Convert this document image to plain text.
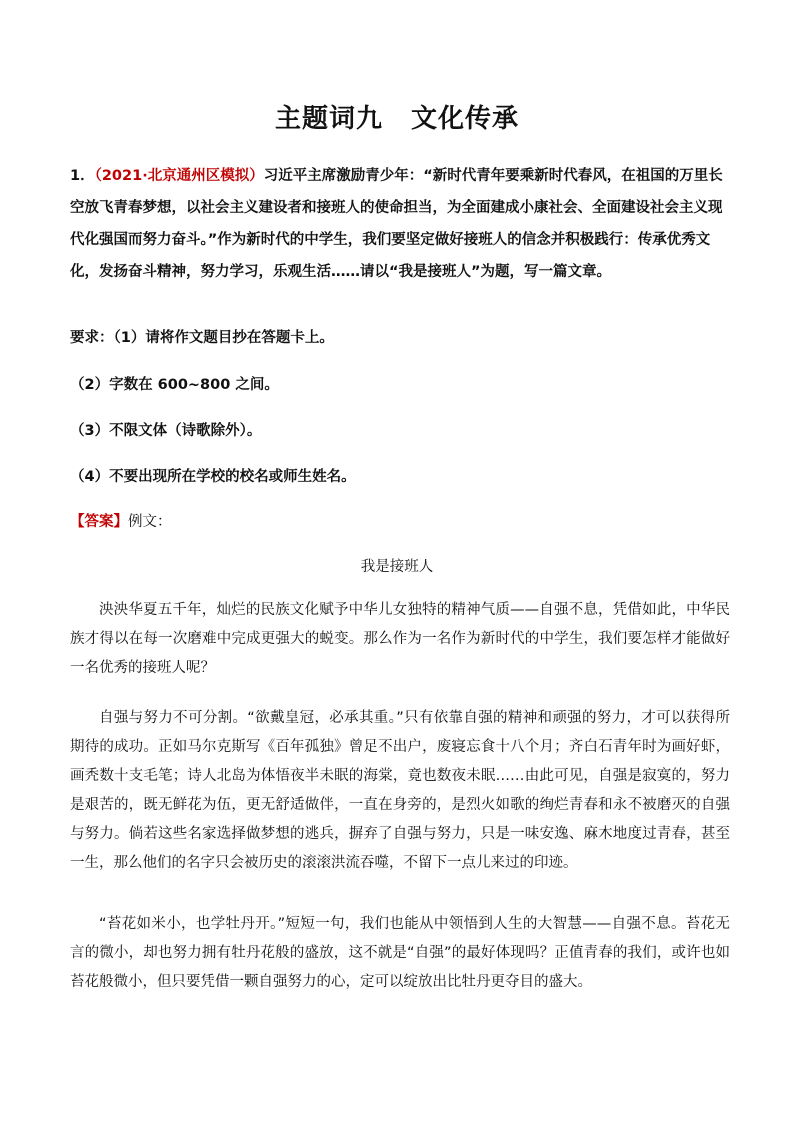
主题词九 文化传承
1．（2021·北京通州区模拟）习近平主席激励青少年：“新时代青年要乘新时代春风，在祖国的万里长空放飞青春梦想，以社会主义建设者和接班人的使命担当，为全面建成小康社会、全面建设社会主义现代化强国而努力奋斗。”作为新时代的中学生，我们要坚定做好接班人的信念并积极践行：传承优秀文化，发扬奋斗精神，努力学习，乐观生活……请以“我是接班人”为题，写一篇文章。
要求：（1）请将作文题目抄在答题卡上。
（2）字数在 600~800 之间。
（3）不限文体（诗歌除外）。
（4）不要出现所在学校的校名或师生姓名。
【答案】例文：
我是接班人

泱泱华夏五千年，灿烂的民族文化赋予中华儿女独特的精神气质——自强不息，凭借如此，中华民族才得以在每一次磨难中完成更强大的蜕变。那么作为一名作为新时代的中学生，我们要怎样才能做好一名优秀的接班人呢？

自强与努力不可分割。“欲戴皇冠，必承其重。”只有依靠自强的精神和顽强的努力，才可以获得所期待的成功。正如马尔克斯写《百年孤独》曾足不出户，废寝忘食十八个月；齐白石青年时为画好虾，画秃数十支毛笔；诗人北岛为体悟夜半未眠的海棠，竟也数夜未眠……由此可见，自强是寂寞的，努力是艰苦的，既无鲜花为伍，更无舒适做伴，一直在身旁的，是烈火如歌的绚烂青春和永不被磨灭的自强与努力。倘若这些名家选择做梦想的逃兵，摒弃了自强与努力，只是一味安逸、麻木地度过青春，甚至一生，那么他们的名字只会被历史的滚滚洪流吞噬，不留下一点儿来过的印迹。

“苔花如米小，也学牡丹开。”短短一句，我们也能从中领悟到人生的大智慧——自强不息。苔花无言的微小，却也努力拥有牡丹花般的盛放，这不就是“自强”的最好体现吗？正值青春的我们，或许也如苔花般微小，但只要凭借一颗自强努力的心，定可以绽放出比牡丹更夺目的盛大。
